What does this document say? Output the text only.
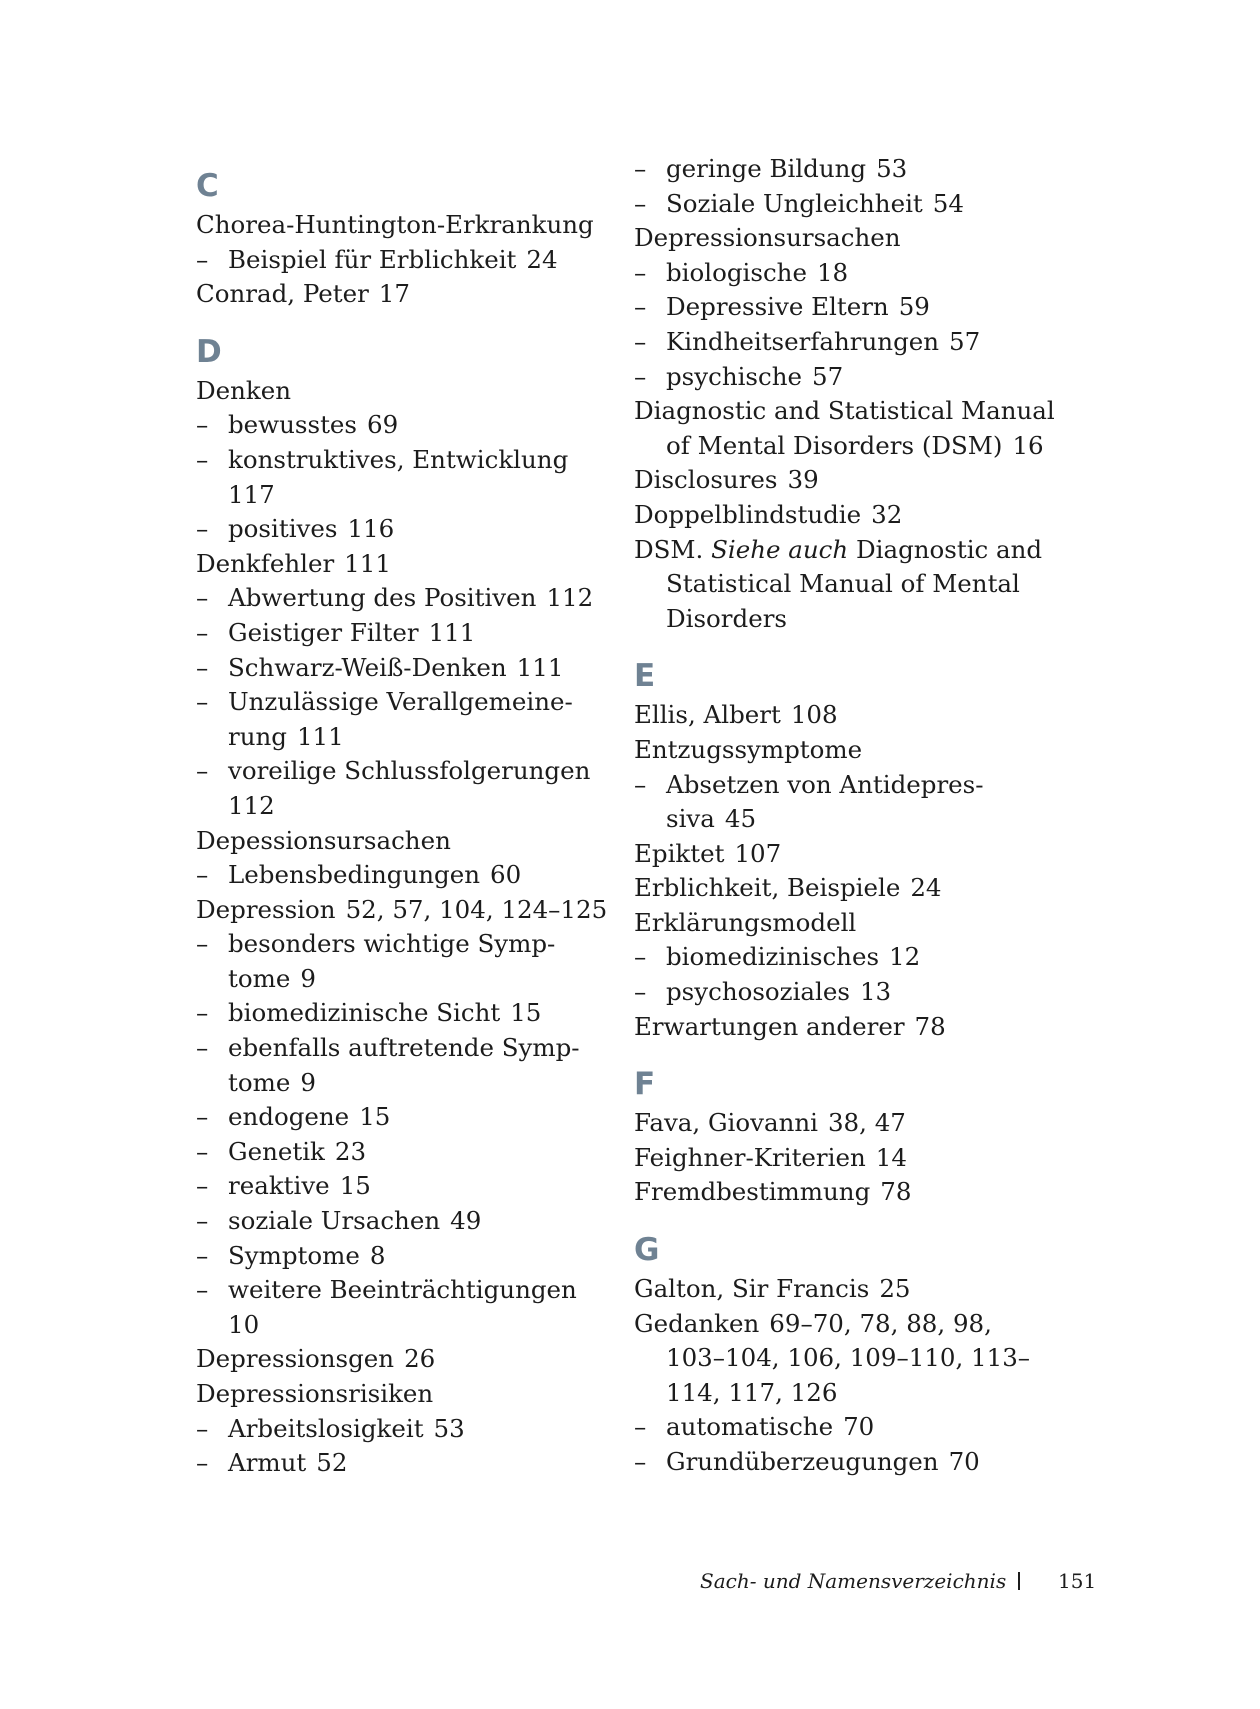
C
Chorea-Huntington-Erkrankung
– Beispiel für Erblichkeit 24
Conrad, Peter 17
D
Denken
– bewusstes 69
– konstruktives, Entwicklung
117
– positives 116
Denkfehler 111
– Abwertung des Positiven 112
– Geistiger Filter 111
– Schwarz-Weiß-Denken 111
– Unzulässige Verallgemeine-
rung 111
– voreilige Schlussfolgerungen
112
Depessionsursachen
– Lebensbedingungen 60
Depression 52, 57, 104, 124–125
– besonders wichtige Symp-
tome 9
– biomedizinische Sicht 15
– ebenfalls auftretende Symp-
tome 9
– endogene 15
– Genetik 23
– reaktive 15
– soziale Ursachen 49
– Symptome 8
– weitere Beeinträchtigungen
10
Depressionsgen 26
Depressionsrisiken
– Arbeitslosigkeit 53
– Armut 52
– geringe Bildung 53
– Soziale Ungleichheit 54
Depressionsursachen
– biologische 18
– Depressive Eltern 59
– Kindheitserfahrungen 57
– psychische 57
Diagnostic and Statistical Manual
of Mental Disorders (DSM) 16
Disclosures 39
Doppelblindstudie 32
DSM. Siehe auch Diagnostic and
Statistical Manual of Mental
Disorders
E
Ellis, Albert 108
Entzugssymptome
– Absetzen von Antidepres-
siva 45
Epiktet 107
Erblichkeit, Beispiele 24
Erklärungsmodell
– biomedizinisches 12
– psychosoziales 13
Erwartungen anderer 78
F
Fava, Giovanni 38, 47
Feighner-Kriterien 14
Fremdbestimmung 78
G
Galton, Sir Francis 25
Gedanken 69–70, 78, 88, 98,
103–104, 106, 109–110, 113–
114, 117, 126
– automatische 70
– Grundüberzeugungen 70
Sach- und Namensverzeichnis	151
